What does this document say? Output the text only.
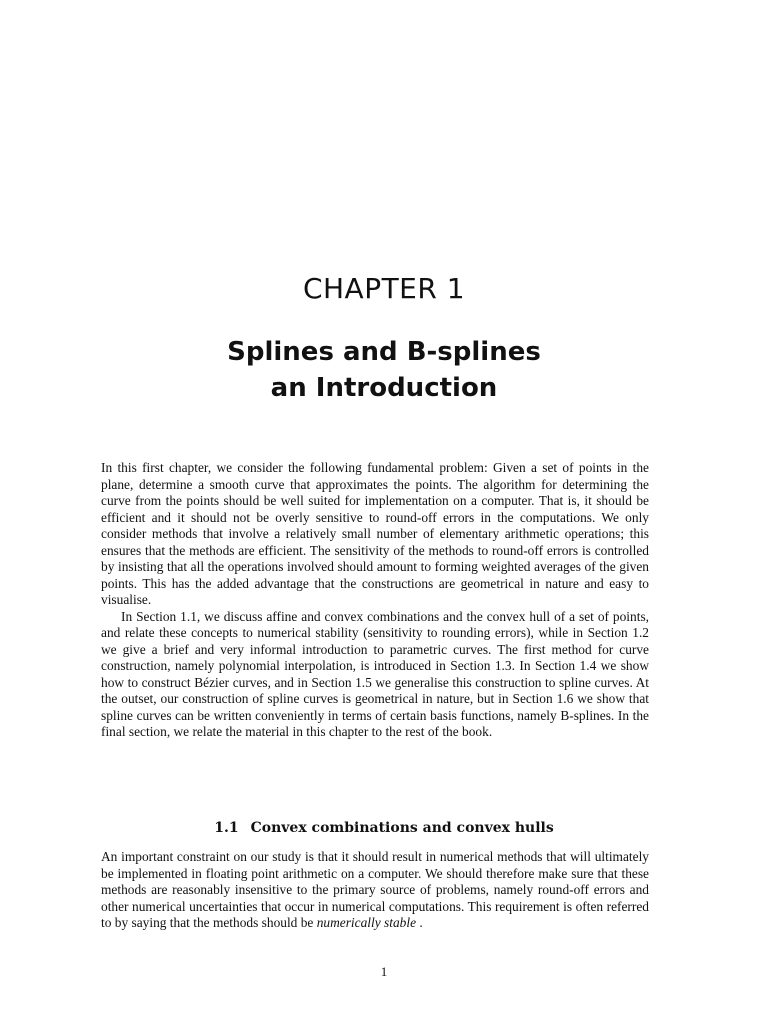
CHAPTER 1
Splines and B-splines
an Introduction

In this first chapter, we consider the following fundamental problem: Given a set of points in the plane, determine a smooth curve that approximates the points. The algorithm for determining the curve from the points should be well suited for implementation on a computer. That is, it should be efficient and it should not be overly sensitive to round-off errors in the computations. We only consider methods that involve a relatively small number of elementary arithmetic operations; this ensures that the methods are efficient. The sensitivity of the methods to round-off errors is controlled by insisting that all the operations involved should amount to forming weighted averages of the given points. This has the added advantage that the constructions are geometrical in nature and easy to visualise.

In Section 1.1, we discuss affine and convex combinations and the convex hull of a set of points, and relate these concepts to numerical stability (sensitivity to rounding errors), while in Section 1.2 we give a brief and very informal introduction to parametric curves. The first method for curve construction, namely polynomial interpolation, is introduced in Section 1.3. In Section 1.4 we show how to construct Bézier curves, and in Section 1.5 we generalise this construction to spline curves. At the outset, our construction of spline curves is geometrical in nature, but in Section 1.6 we show that spline curves can be written conveniently in terms of certain basis functions, namely B-splines. In the final section, we relate the material in this chapter to the rest of the book.

1.1 Convex combinations and convex hulls

An important constraint on our study is that it should result in numerical methods that will ultimately be implemented in floating point arithmetic on a computer. We should therefore make sure that these methods are reasonably insensitive to the primary source of problems, namely round-off errors and other numerical uncertainties that occur in numerical computations. This requirement is often referred to by saying that the methods should be numerically stable .

1
